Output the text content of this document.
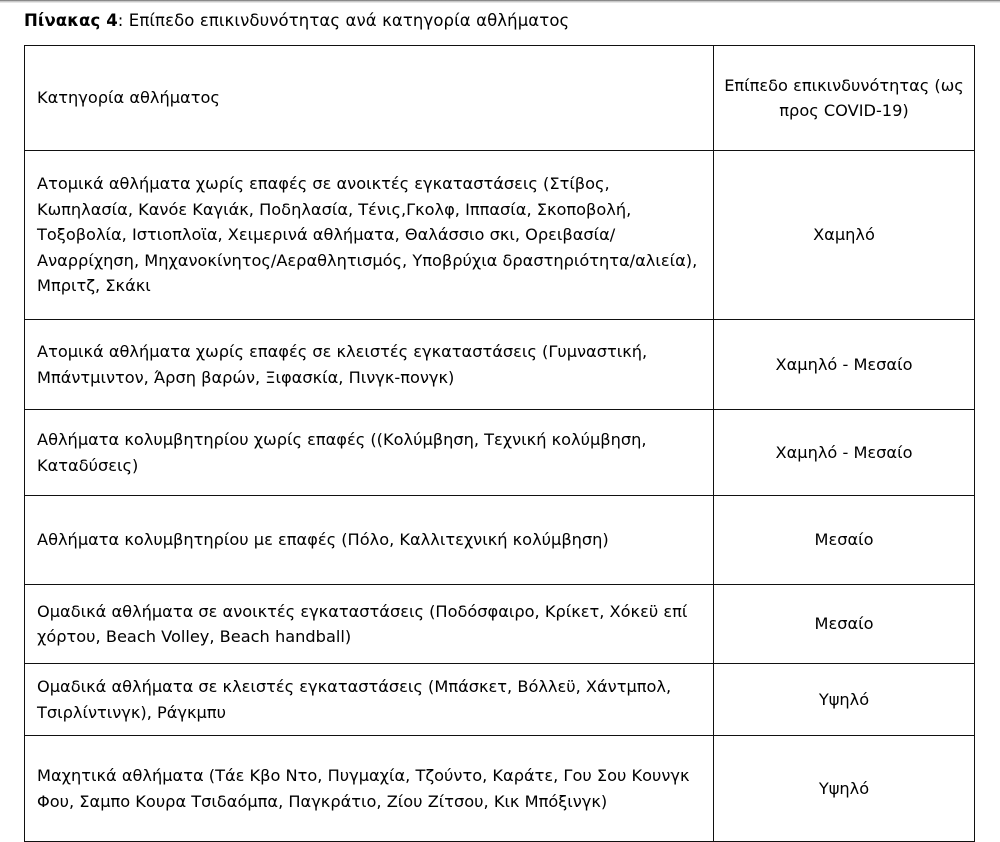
Πίνακας 4: Επίπεδο επικινδυνότητας ανά κατηγορία αθλήματος
Κατηγορία αθλήματος	Επίπεδο επικινδυνότητας (ως προς COVID-19)
Ατομικά αθλήματα χωρίς επαφές σε ανοικτές εγκαταστάσεις (Στίβος, Κωπηλασία, Κανόε Καγιάκ, Ποδηλασία, Τένις,Γκολφ, Ιππασία, Σκοποβολή, Τοξοβολία, Ιστιοπλοϊα, Χειμερινά αθλήματα, Θαλάσσιο σκι, Ορειβασία/Αναρρίχηση, Μηχανοκίνητος/Αεραθλητισμός, Υποβρύχια δραστηριότητα/αλιεία), Μπριτζ, Σκάκι	Χαμηλό
Ατομικά αθλήματα χωρίς επαφές σε κλειστές εγκαταστάσεις (Γυμναστική, Μπάντμιντον, Άρση βαρών, Ξιφασκία, Πινγκ-πονγκ)	Χαμηλό - Μεσαίο
Αθλήματα κολυμβητηρίου χωρίς επαφές ((Κολύμβηση, Τεχνική κολύμβηση, Καταδύσεις)	Χαμηλό - Μεσαίο
Αθλήματα κολυμβητηρίου με επαφές (Πόλο, Καλλιτεχνική κολύμβηση)	Μεσαίο
Ομαδικά αθλήματα σε ανοικτές εγκαταστάσεις (Ποδόσφαιρο, Κρίκετ, Χόκεϋ επί χόρτου, Beach Volley, Beach handball)	Μεσαίο
Ομαδικά αθλήματα σε κλειστές εγκαταστάσεις (Μπάσκετ, Βόλλεϋ, Χάντμπολ, Τσιρλίντινγκ), Ράγκμπυ	Υψηλό
Μαχητικά αθλήματα (Τάε Κβο Ντο, Πυγμαχία, Τζούντο, Καράτε, Γου Σου Κουνγκ Φου, Σαμπο Κουρα Τσιδαόμπα, Παγκράτιο, Ζίου Ζίτσου, Κικ Μπόξινγκ)	Υψηλό
